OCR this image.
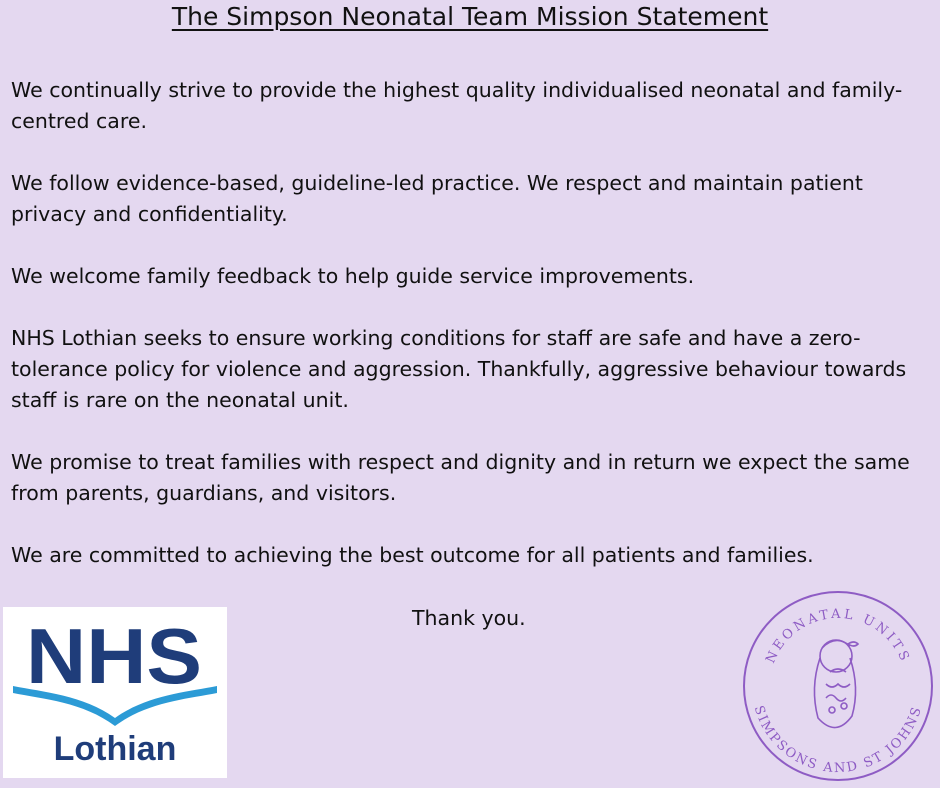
The Simpson Neonatal Team Mission Statement

We continually strive to provide the highest quality individualised neonatal and family-centred care.

We follow evidence-based, guideline-led practice. We respect and maintain patient privacy and confidentiality.

We welcome family feedback to help guide service improvements.

NHS Lothian seeks to ensure working conditions for staff are safe and have a zero-tolerance policy for violence and aggression. Thankfully, aggressive behaviour towards staff is rare on the neonatal unit.

We promise to treat families with respect and dignity and in return we expect the same from parents, guardians, and visitors.

We are committed to achieving the best outcome for all patients and families.

Thank you.
NHS
Lothian
NEONATAL UNITS
SIMPSONS AND ST JOHNS
